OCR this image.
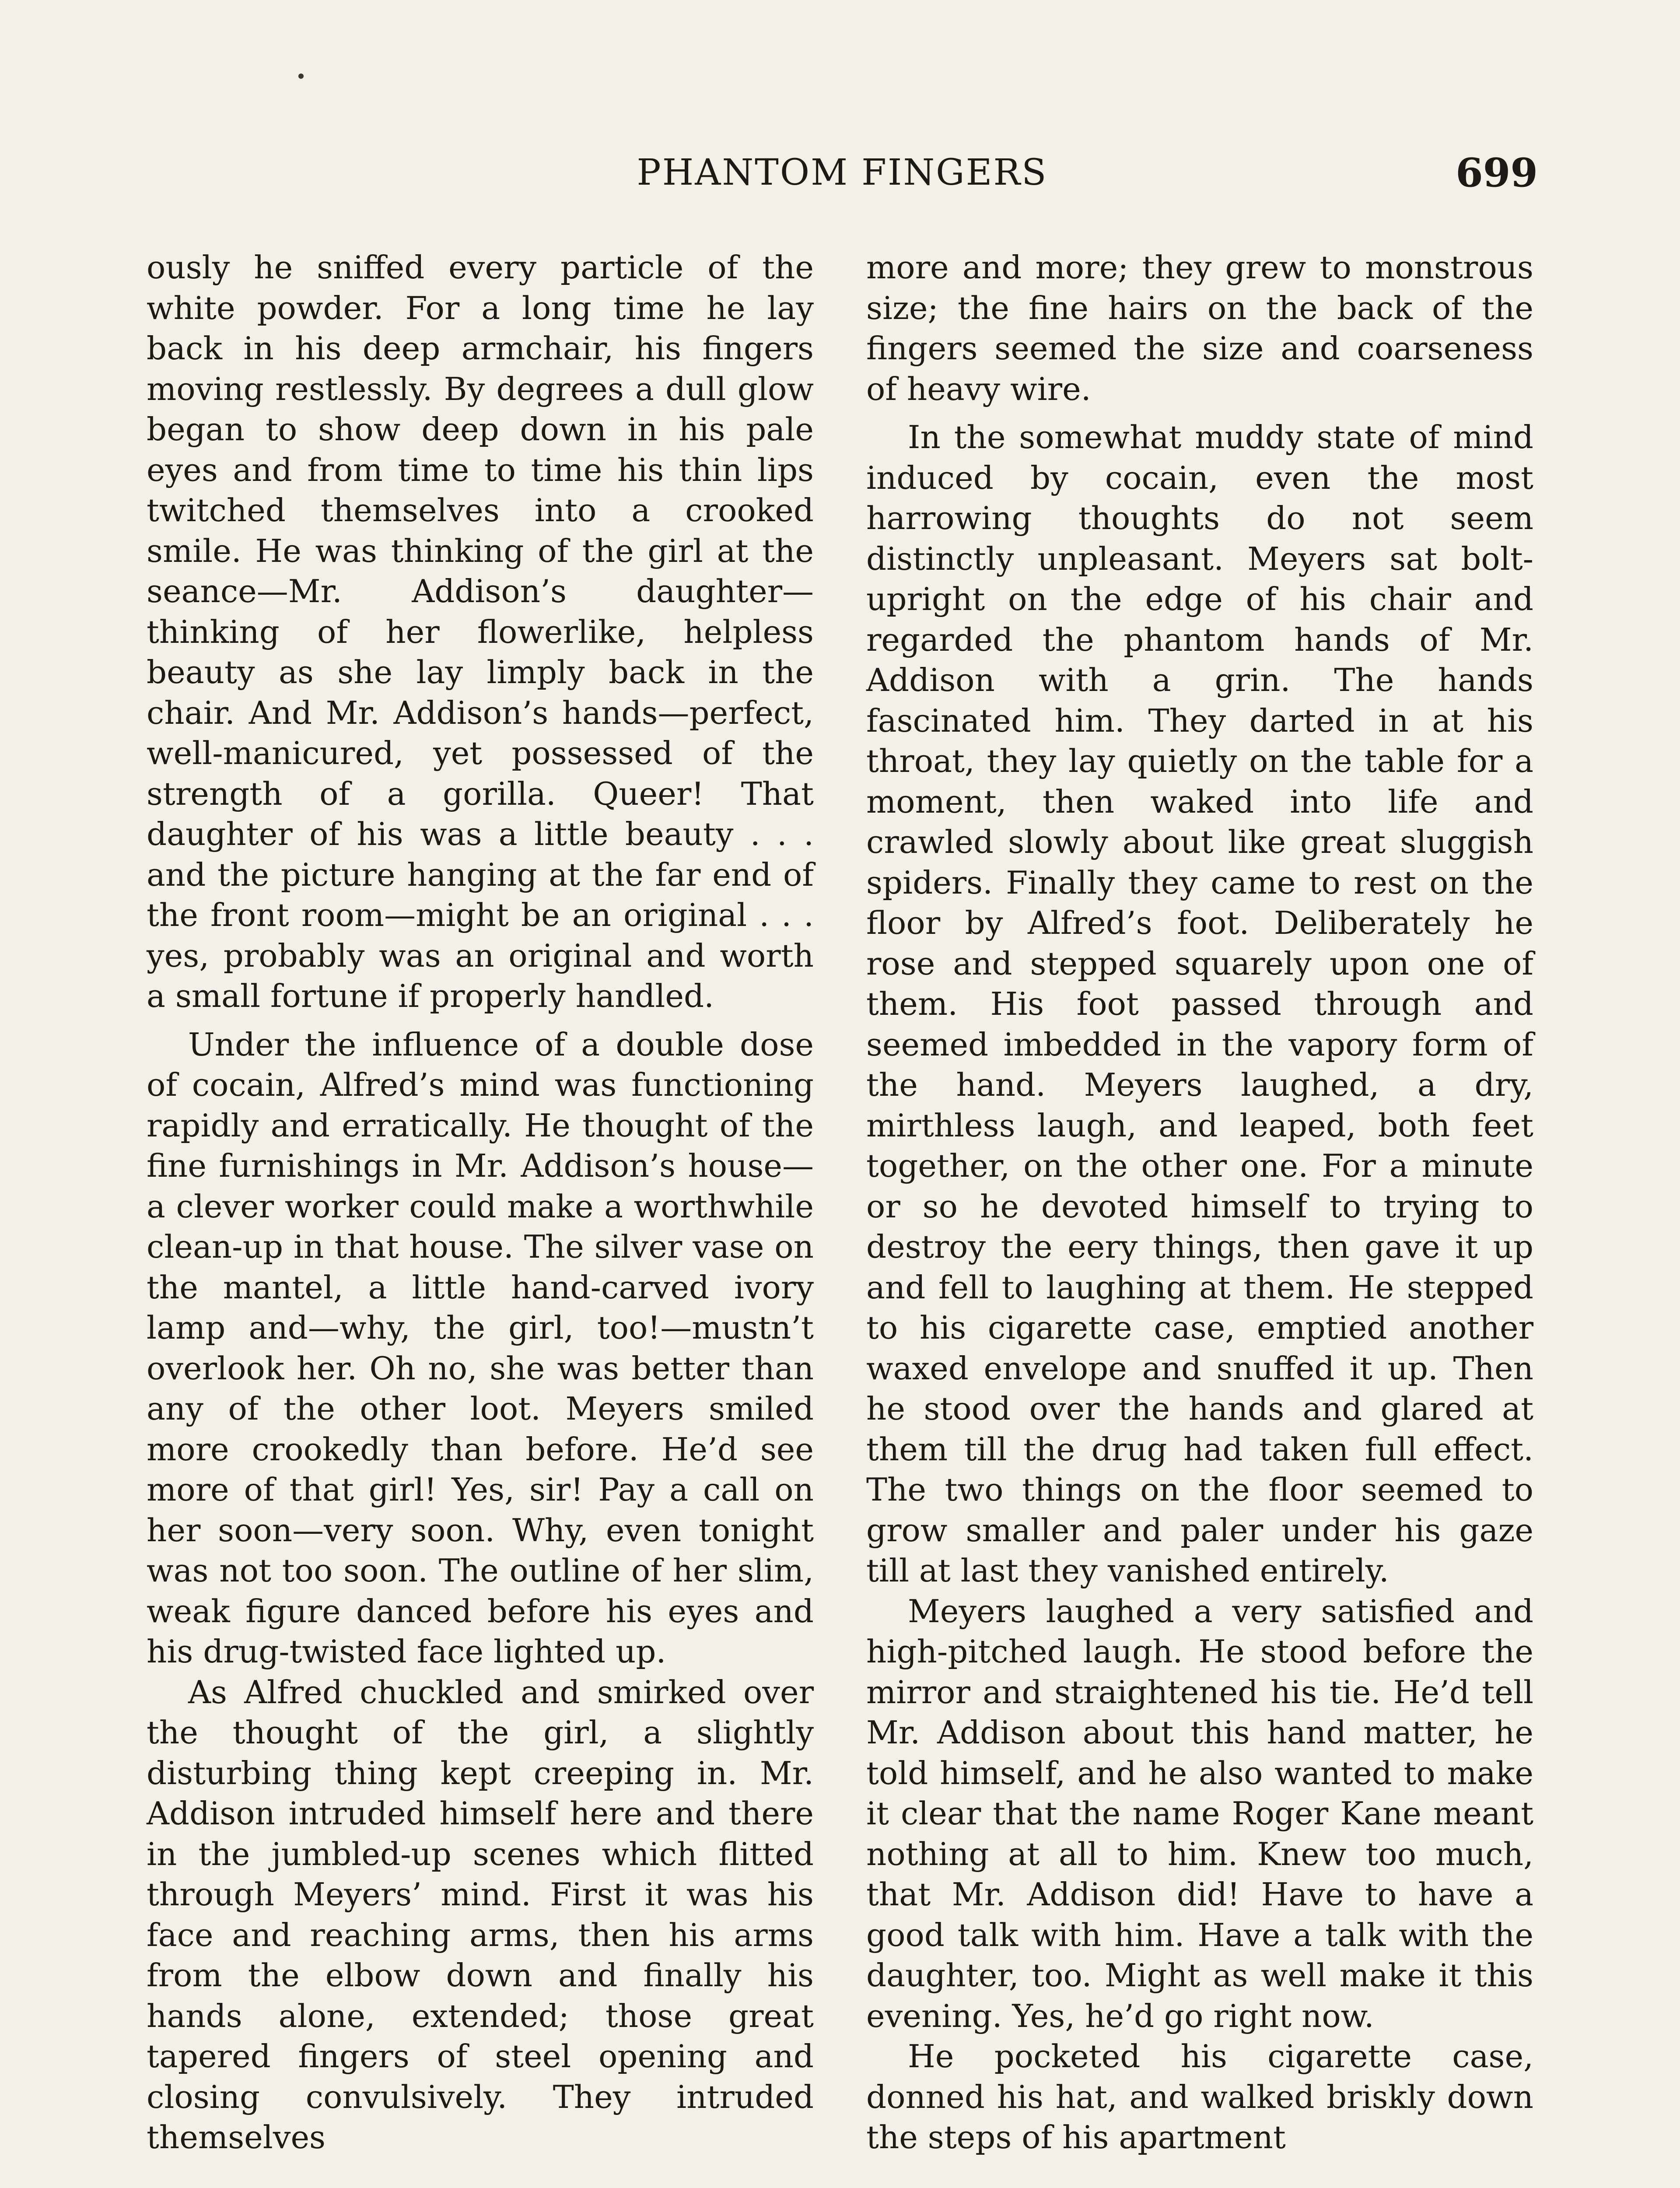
PHANTOM FINGERS	699

ously he sniffed every particle of the white powder. For a long time he lay back in his deep armchair, his fingers moving restlessly. By degrees a dull glow began to show deep down in his pale eyes and from time to time his thin lips twitched themselves into a crooked smile. He was thinking of the girl at the seance—Mr. Addison’s daughter—thinking of her flowerlike, helpless beauty as she lay limply back in the chair. And Mr. Addison’s hands—perfect, well-manicured, yet possessed of the strength of a gorilla. Queer! That daughter of his was a little beauty . . . and the picture hanging at the far end of the front room—might be an original . . . yes, probably was an original and worth a small fortune if properly handled.

Under the influence of a double dose of cocain, Alfred’s mind was functioning rapidly and erratically. He thought of the fine furnishings in Mr. Addison’s house—a clever worker could make a worthwhile clean-up in that house. The silver vase on the mantel, a little hand-carved ivory lamp and—why, the girl, too!—mustn’t overlook her. Oh no, she was better than any of the other loot. Meyers smiled more crookedly than before. He’d see more of that girl! Yes, sir! Pay a call on her soon—very soon. Why, even tonight was not too soon. The outline of her slim, weak figure danced before his eyes and his drug-twisted face lighted up.

As Alfred chuckled and smirked over the thought of the girl, a slightly disturbing thing kept creeping in. Mr. Addison intruded himself here and there in the jumbled-up scenes which flitted through Meyers’ mind. First it was his face and reaching arms, then his arms from the elbow down and finally his hands alone, extended; those great tapered fingers of steel opening and closing convulsively. They intruded themselves

more and more; they grew to monstrous size; the fine hairs on the back of the fingers seemed the size and coarseness of heavy wire.

In the somewhat muddy state of mind induced by cocain, even the most harrowing thoughts do not seem distinctly unpleasant. Meyers sat bolt-upright on the edge of his chair and regarded the phantom hands of Mr. Addison with a grin. The hands fascinated him. They darted in at his throat, they lay quietly on the table for a moment, then waked into life and crawled slowly about like great sluggish spiders. Finally they came to rest on the floor by Alfred’s foot. Deliberately he rose and stepped squarely upon one of them. His foot passed through and seemed imbedded in the vapory form of the hand. Meyers laughed, a dry, mirthless laugh, and leaped, both feet together, on the other one. For a minute or so he devoted himself to trying to destroy the eery things, then gave it up and fell to laughing at them. He stepped to his cigarette case, emptied another waxed envelope and snuffed it up. Then he stood over the hands and glared at them till the drug had taken full effect. The two things on the floor seemed to grow smaller and paler under his gaze till at last they vanished entirely.

Meyers laughed a very satisfied and high-pitched laugh. He stood before the mirror and straightened his tie. He’d tell Mr. Addison about this hand matter, he told himself, and he also wanted to make it clear that the name Roger Kane meant nothing at all to him. Knew too much, that Mr. Addison did! Have to have a good talk with him. Have a talk with the daughter, too. Might as well make it this evening. Yes, he’d go right now.

He pocketed his cigarette case, donned his hat, and walked briskly down the steps of his apartment
